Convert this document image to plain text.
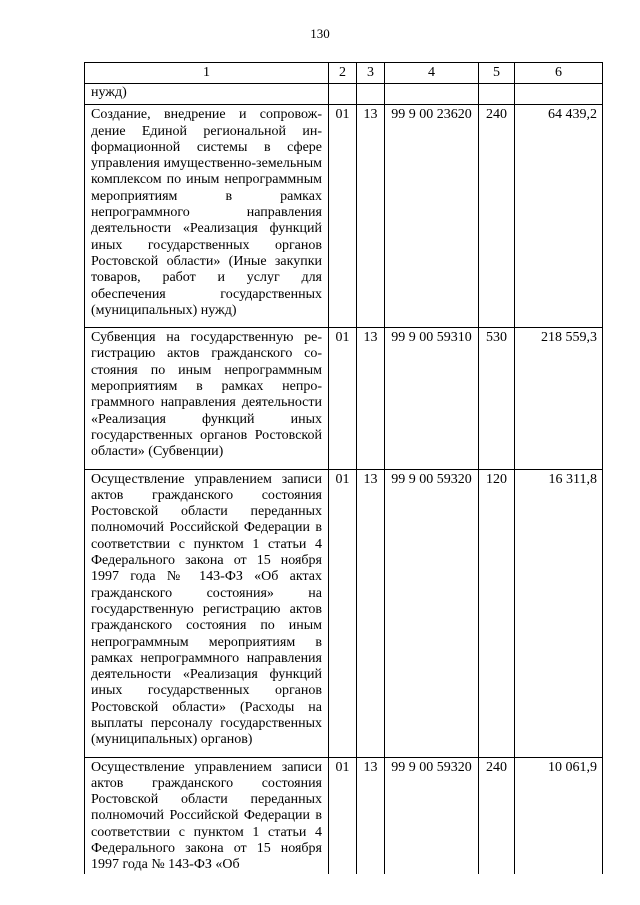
130
1	2	3	4	5	6
нужд)					
Создание, внедрение и сопровождение Единой региональной информационной системы в сфере управления имущественно-земельным комплексом по иным непрограммным мероприятиям в рамках непрограммного направления деятельности «Реализация функций иных государственных органов Ростовской области» (Иные закупки товаров, работ и услуг для обеспечения государственных (муниципальных) нужд)	01	13	99 9 00 23620	240	64 439,2
Субвенция на государственную регистрацию актов гражданского состояния по иным непрограммным мероприятиям в рамках непрограммного направления деятельности «Реализация функций иных государственных органов Ростовской области» (Субвенции)	01	13	99 9 00 59310	530	218 559,3
Осуществление управлением записи актов гражданского состояния Ростовской области переданных полномочий Российской Федерации в соответствии с пунктом 1 статьи 4 Федерального закона от 15 ноября 1997 года № 143-ФЗ «Об актах гражданского состояния» на государственную регистрацию актов гражданского состояния по иным непрограммным мероприятиям в рамках непрограммного направления деятельности «Реализация функций иных государственных органов Ростовской области» (Расходы на выплаты персоналу государственных (муниципальных) органов)	01	13	99 9 00 59320	120	16 311,8
Осуществление управлением записи актов гражданского состояния Ростовской области переданных полномочий Российской Федерации в соответствии с пунктом 1 статьи 4 Федерального закона от 15 ноября 1997 года № 143-ФЗ «Об	01	13	99 9 00 59320	240	10 061,9
